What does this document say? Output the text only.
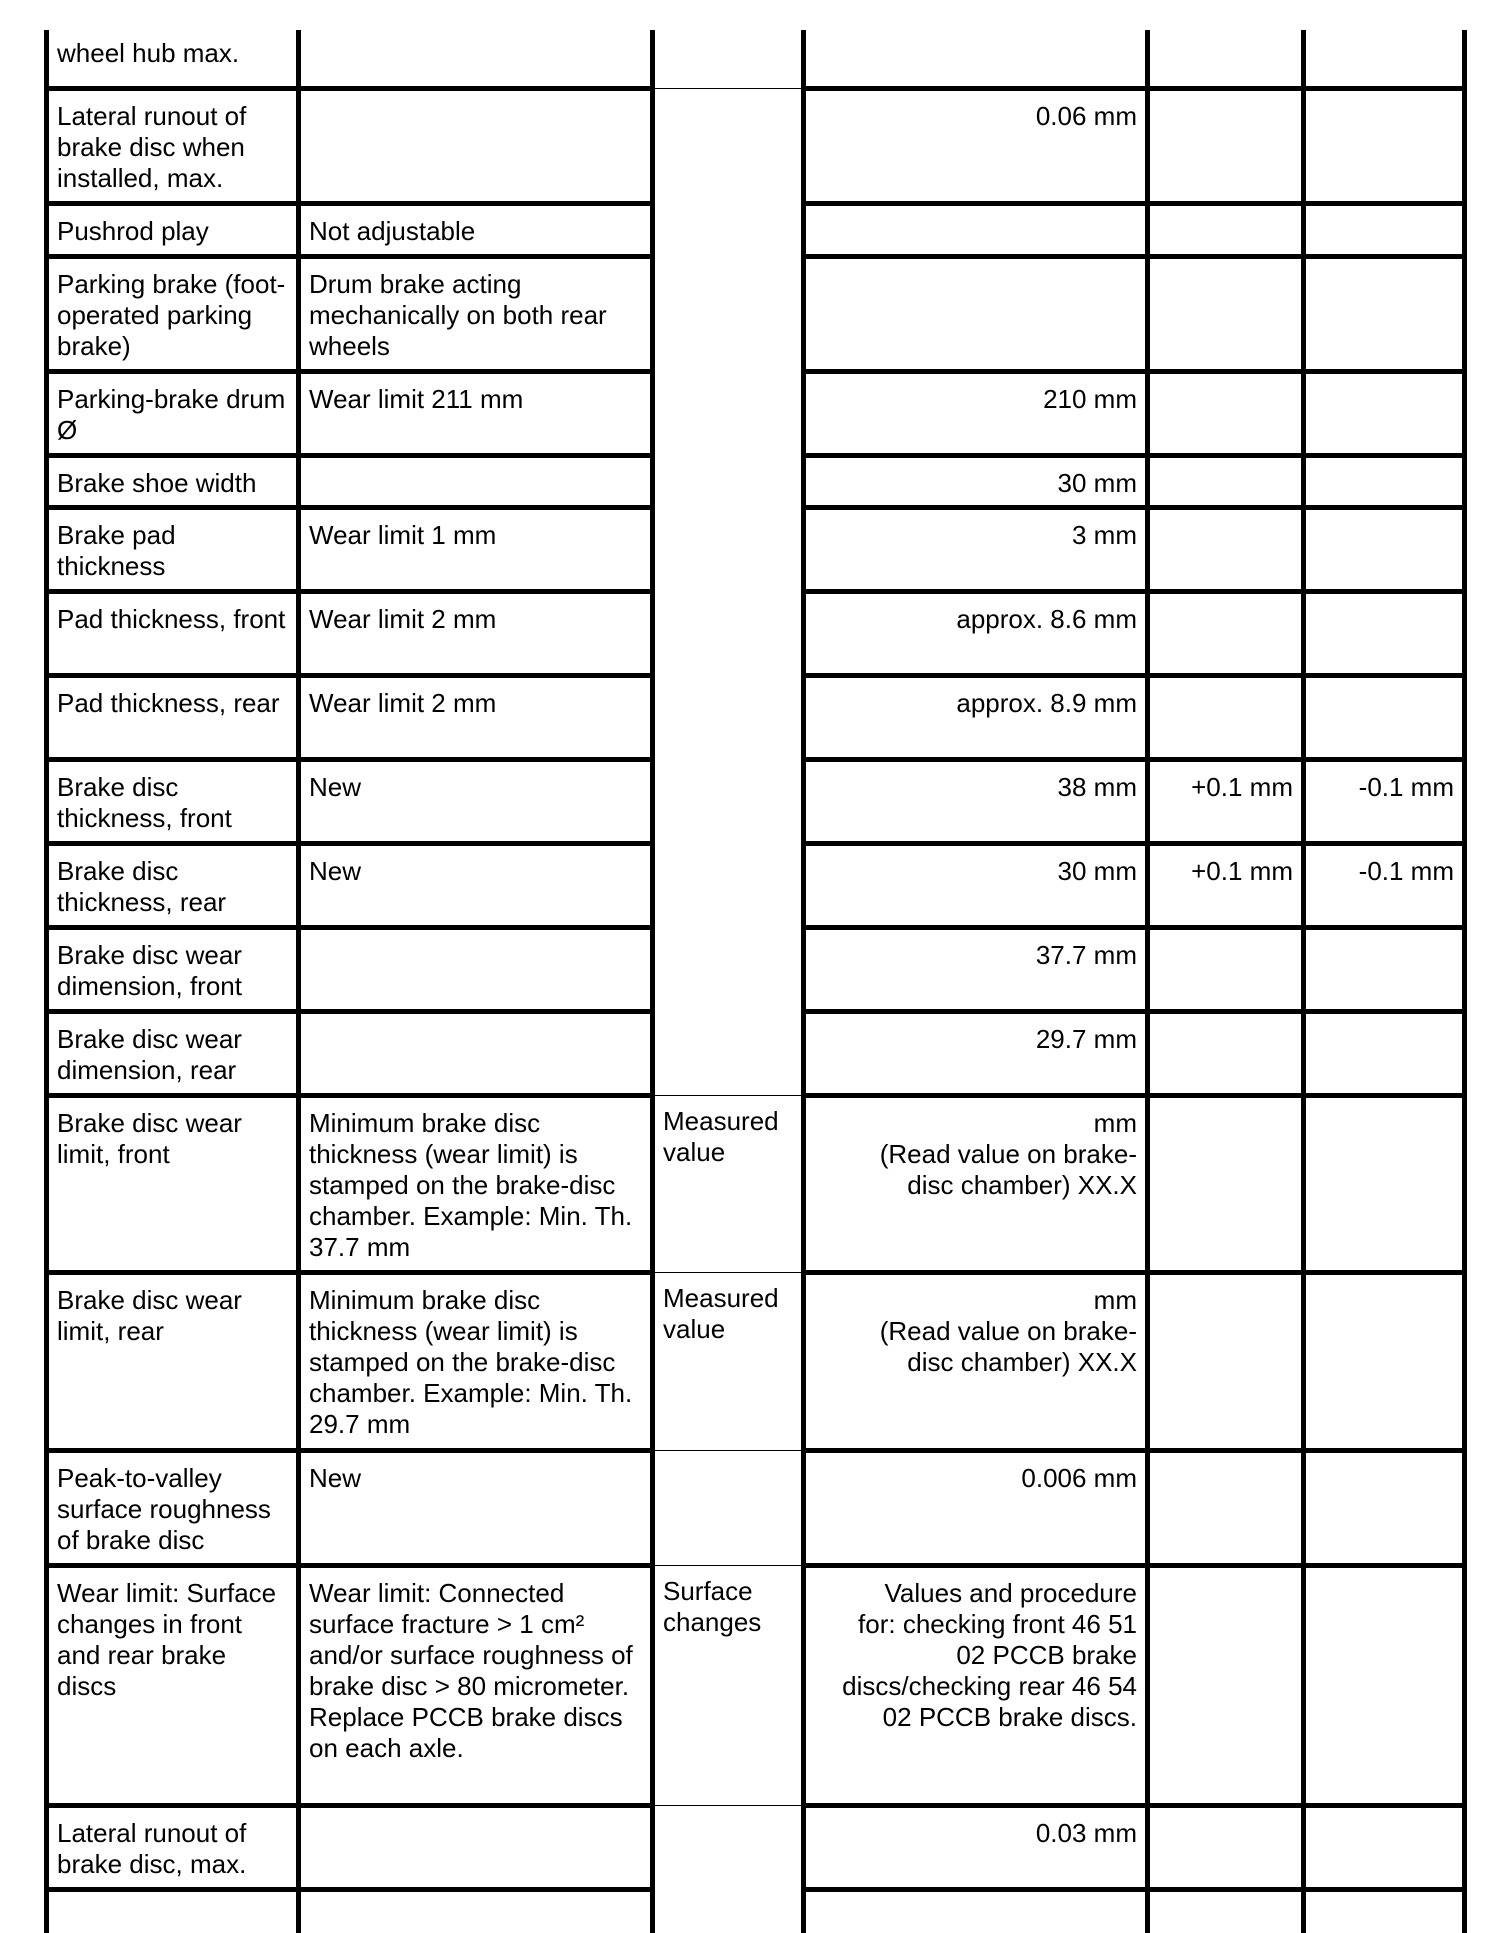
wheel hub max.					
Lateral runout of brake disc when installed, max.			0.06 mm		
Pushrod play	Not adjustable				
Parking brake (foot-operated parking brake)	Drum brake acting mechanically on both rear wheels				
Parking-brake drum Ø	Wear limit 211 mm		210 mm		
Brake shoe width			30 mm		
Brake pad thickness	Wear limit 1 mm		3 mm		
Pad thickness, front	Wear limit 2 mm		approx. 8.6 mm		
Pad thickness, rear	Wear limit 2 mm		approx. 8.9 mm		
Brake disc thickness, front	New		38 mm	+0.1 mm	-0.1 mm
Brake disc thickness, rear	New		30 mm	+0.1 mm	-0.1 mm
Brake disc wear dimension, front			37.7 mm		
Brake disc wear dimension, rear			29.7 mm		
Brake disc wear limit, front	Minimum brake disc thickness (wear limit) is stamped on the brake-disc chamber. Example: Min. Th. 37.7 mm	Measured value	mm
(Read value on brake-
disc chamber) XX.X		

Brake disc wear limit, rear	Minimum brake disc thickness (wear limit) is stamped on the brake-disc chamber. Example: Min. Th. 29.7 mm	Measured value	mm
(Read value on brake-
disc chamber) XX.X		

Peak-to-valley surface roughness of brake disc	New		0.006 mm		
Wear limit: Surface changes in front and rear brake discs	Wear limit: Connected surface fracture > 1 cm² and/or surface roughness of brake disc > 80 micrometer. Replace PCCB brake discs on each axle.	Surface changes	Values and procedure
for: checking front 46 51
02 PCCB brake
discs/checking rear 46 54
02 PCCB brake discs.		

Lateral runout of brake disc, max.			0.03 mm		
